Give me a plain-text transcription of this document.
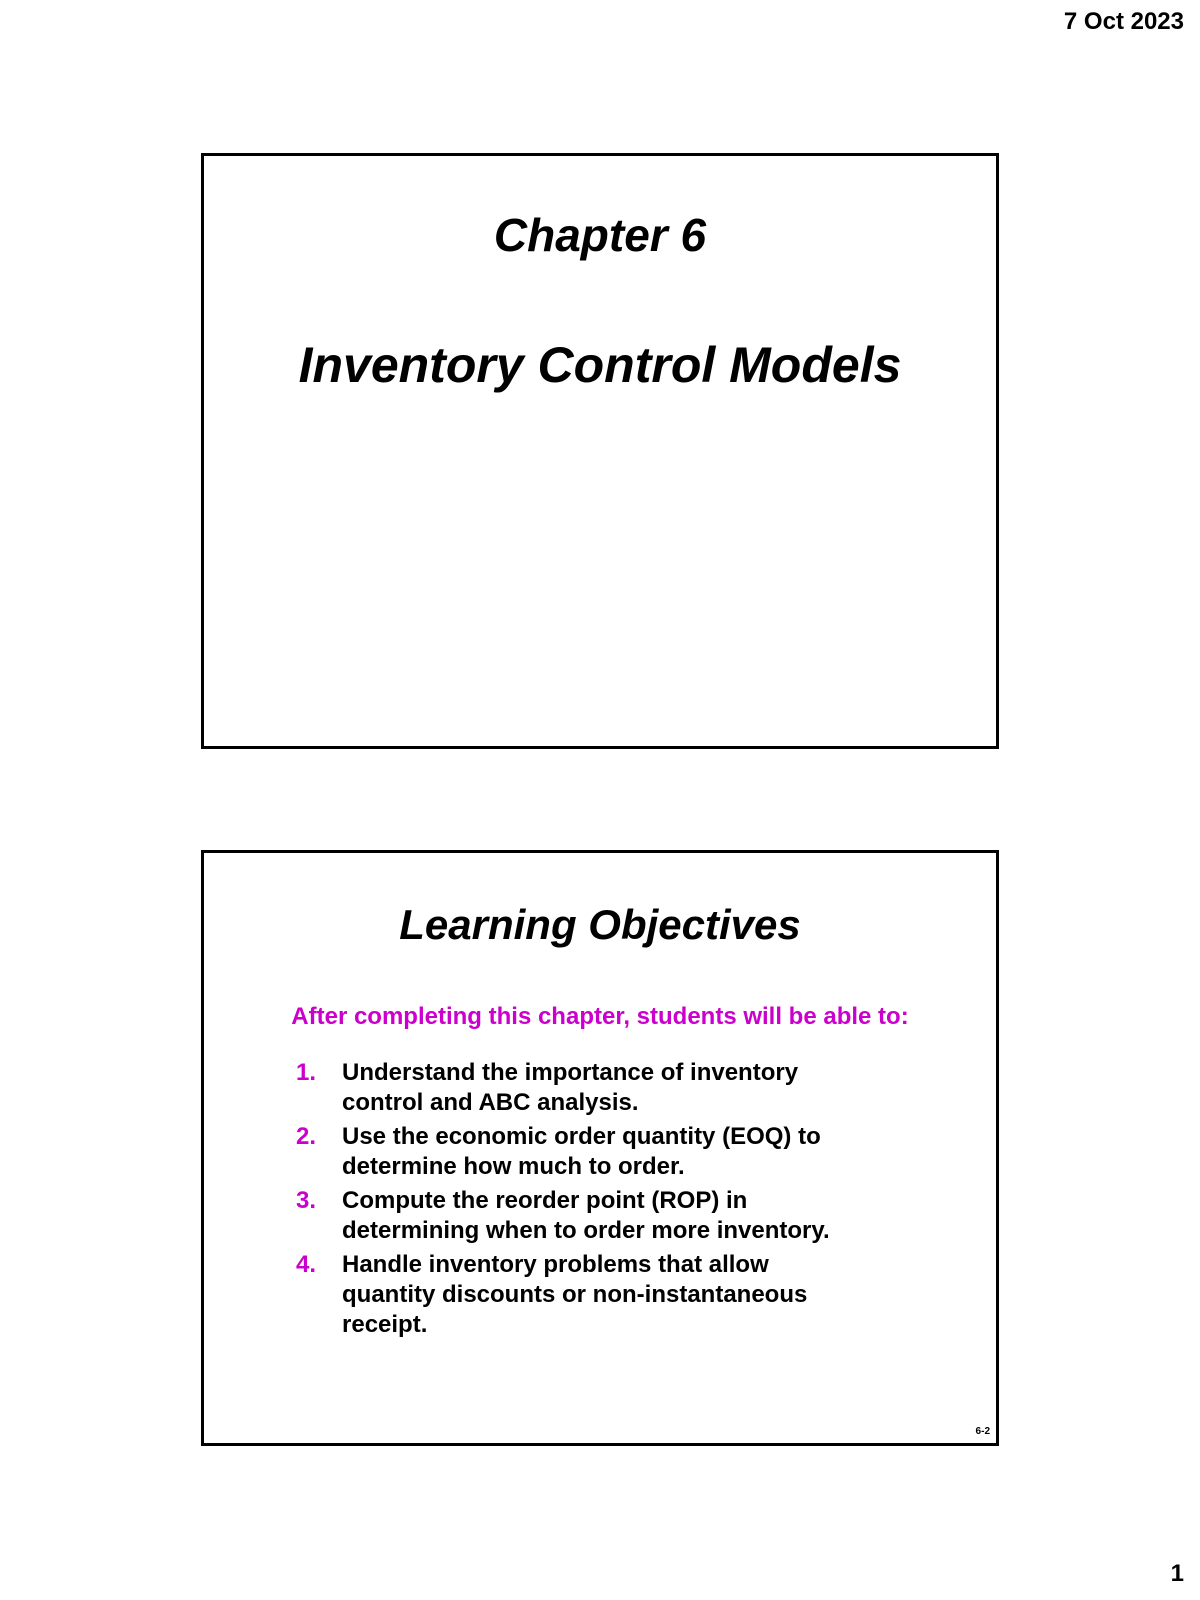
7 Oct 2023
Chapter 6
Inventory Control Models
Learning Objectives
After completing this chapter, students will be able to:
1.	Understand the importance of inventory
control and ABC analysis.
2.	Use the economic order quantity (EOQ) to
determine how much to order.
3.	Compute the reorder point (ROP) in
determining when to order more inventory.
4.	Handle inventory problems that allow
quantity discounts or non-instantaneous
receipt.
6-2
1
